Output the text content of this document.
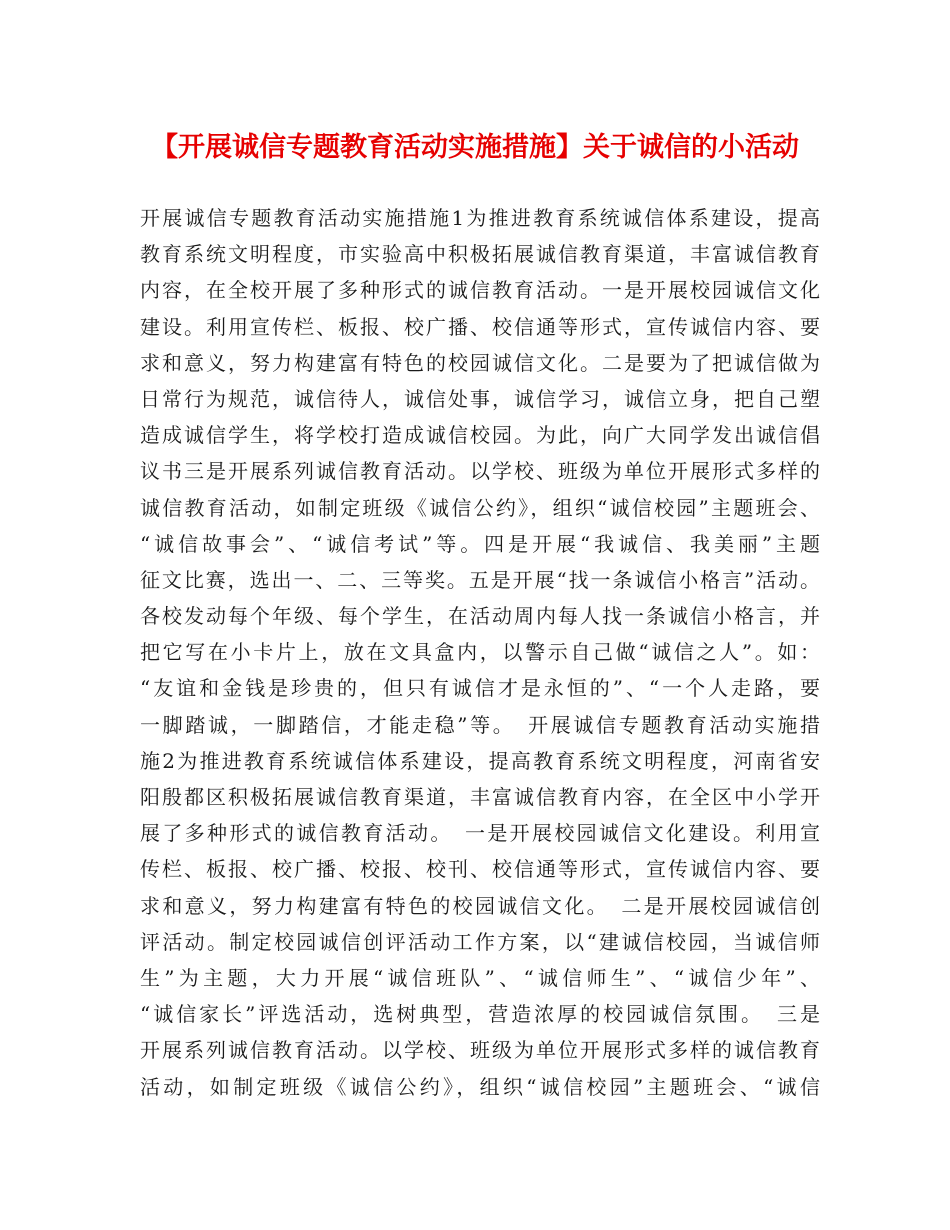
【开展诚信专题教育活动实施措施】关于诚信的小活动
开展诚信专题教育活动实施措施1为推进教育系统诚信体系建设，提高
教育系统文明程度，市实验高中积极拓展诚信教育渠道，丰富诚信教育
内容，在全校开展了多种形式的诚信教育活动。一是开展校园诚信文化
建设。利用宣传栏、板报、校广播、校信通等形式，宣传诚信内容、要
求和意义，努力构建富有特色的校园诚信文化。二是要为了把诚信做为
日常行为规范，诚信待人，诚信处事，诚信学习，诚信立身，把自己塑
造成诚信学生，将学校打造成诚信校园。为此，向广大同学发出诚信倡
议书三是开展系列诚信教育活动。以学校、班级为单位开展形式多样的
诚信教育活动，如制定班级《诚信公约》，组织“诚信校园”主题班会、
“诚信故事会”、“诚信考试”等。四是开展“我诚信、我美丽”主题
征文比赛，选出一、二、三等奖。五是开展“找一条诚信小格言”活动。
各校发动每个年级、每个学生，在活动周内每人找一条诚信小格言，并
把它写在小卡片上，放在文具盒内，以警示自己做“诚信之人”。如：
“友谊和金钱是珍贵的，但只有诚信才是永恒的”、“一个人走路，要
一脚踏诚，一脚踏信，才能走稳”等。　开展诚信专题教育活动实施措
施2为推进教育系统诚信体系建设，提高教育系统文明程度，河南省安
阳殷都区积极拓展诚信教育渠道，丰富诚信教育内容，在全区中小学开
展了多种形式的诚信教育活动。　一是开展校园诚信文化建设。利用宣
传栏、板报、校广播、校报、校刊、校信通等形式，宣传诚信内容、要
求和意义，努力构建富有特色的校园诚信文化。　二是开展校园诚信创
评活动。制定校园诚信创评活动工作方案，以“建诚信校园，当诚信师
生”为主题，大力开展“诚信班队”、“诚信师生”、“诚信少年”、
“诚信家长”评选活动，选树典型，营造浓厚的校园诚信氛围。　三是
开展系列诚信教育活动。以学校、班级为单位开展形式多样的诚信教育
活动，如制定班级《诚信公约》，组织“诚信校园”主题班会、“诚信
